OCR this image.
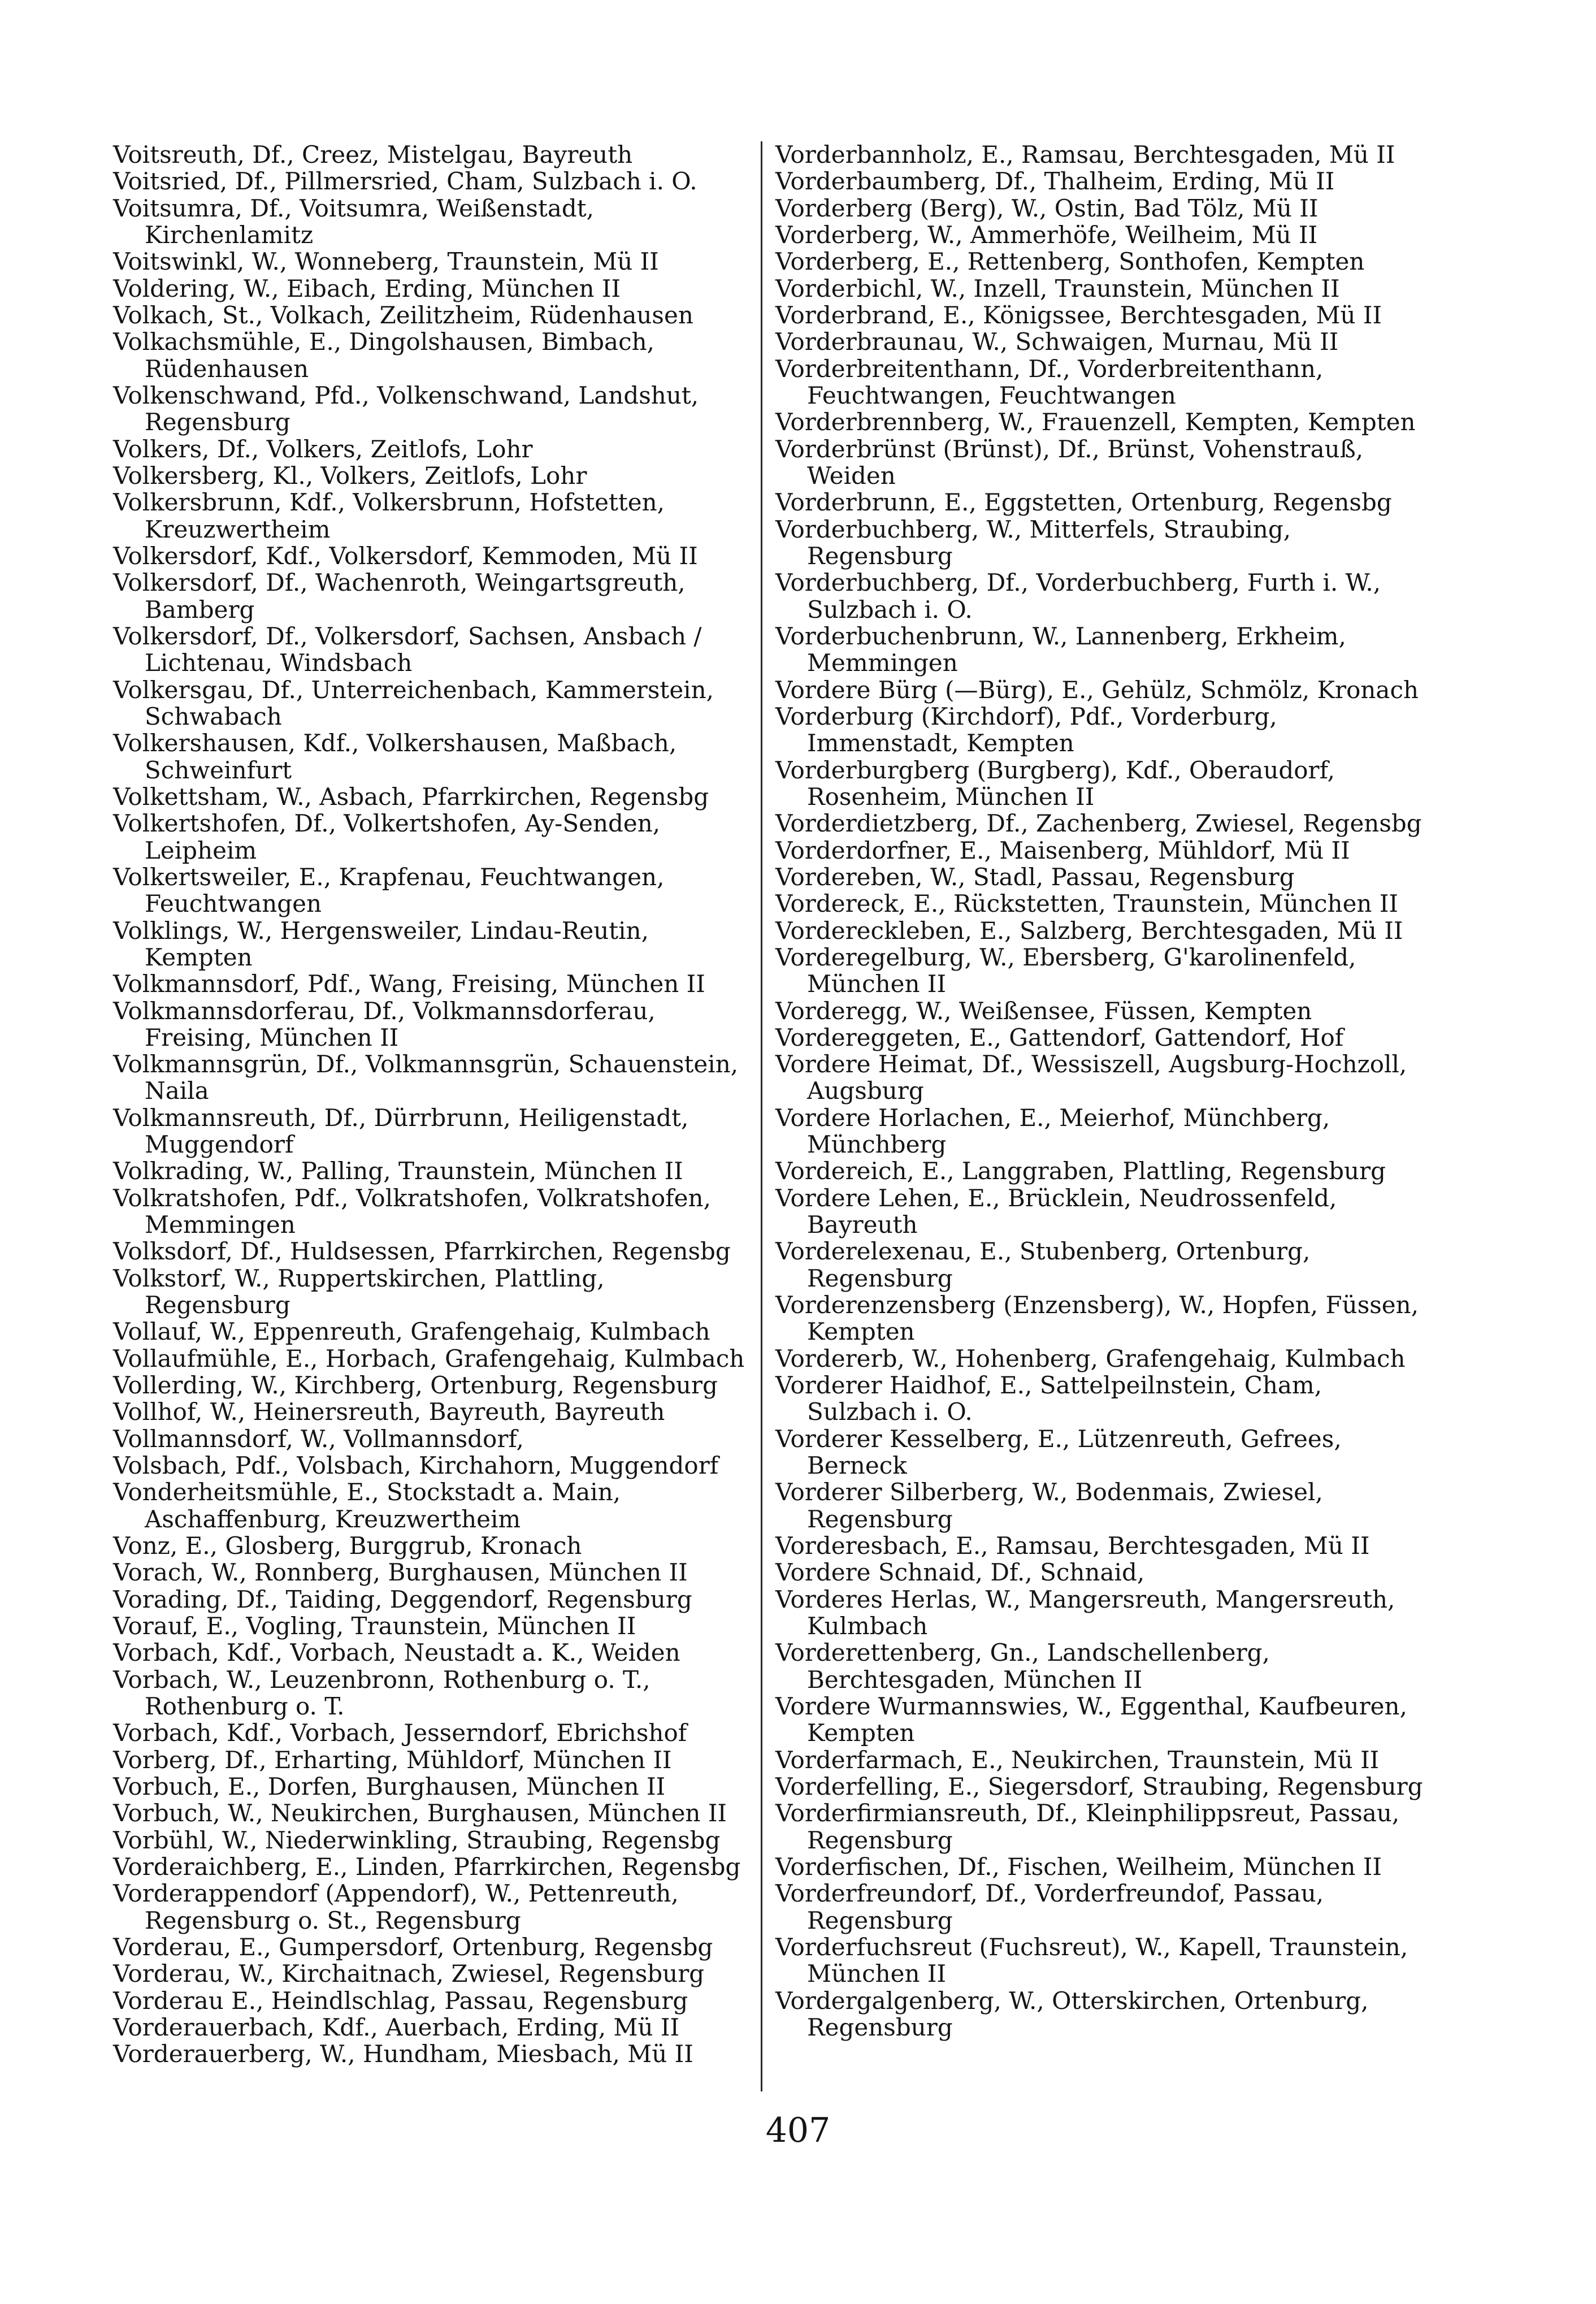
Voitsreuth, Df., Creez, Mistelgau, Bayreuth
Voitsried, Df., Pillmersried, Cham, Sulzbach i. O.
Voitsumra, Df., Voitsumra, Weißenstadt, Kirchenlamitz
Voitswinkl, W., Wonneberg, Traunstein, Mü II
Voldering, W., Eibach, Erding, München II
Volkach, St., Volkach, Zeilitzheim, Rüdenhausen
Volkachsmühle, E., Dingolshausen, Bimbach, Rüdenhausen
Volkenschwand, Pfd., Volkenschwand, Landshut, Regensburg
Volkers, Df., Volkers, Zeitlofs, Lohr
Volkersberg, Kl., Volkers, Zeitlofs, Lohr
Volkersbrunn, Kdf., Volkersbrunn, Hofstetten, Kreuzwertheim
Volkersdorf, Kdf., Volkersdorf, Kemmoden, Mü II
Volkersdorf, Df., Wachenroth, Weingartsgreuth, Bamberg
Volkersdorf, Df., Volkersdorf, Sachsen, Ansbach / Lichtenau, Windsbach
Volkersgau, Df., Unterreichenbach, Kammerstein, Schwabach
Volkershausen, Kdf., Volkershausen, Maßbach, Schweinfurt
Volkettsham, W., Asbach, Pfarrkirchen, Regensbg
Volkertshofen, Df., Volkertshofen, Ay-Senden, Leipheim
Volkertsweiler, E., Krapfenau, Feuchtwangen, Feuchtwangen
Volklings, W., Hergensweiler, Lindau-Reutin, Kempten
Volkmannsdorf, Pdf., Wang, Freising, München II
Volkmannsdorferau, Df., Volkmannsdorferau, Freising, München II
Volkmannsgrün, Df., Volkmannsgrün, Schauenstein, Naila
Volkmannsreuth, Df., Dürrbrunn, Heiligenstadt, Muggendorf
Volkrading, W., Palling, Traunstein, München II
Volkratshofen, Pdf., Volkratshofen, Volkratshofen, Memmingen
Volksdorf, Df., Huldsessen, Pfarrkirchen, Regensbg
Volkstorf, W., Ruppertskirchen, Plattling, Regensburg
Vollauf, W., Eppenreuth, Grafengehaig, Kulmbach
Vollaufmühle, E., Horbach, Grafengehaig, Kulmbach
Vollerding, W., Kirchberg, Ortenburg, Regensburg
Vollhof, W., Heinersreuth, Bayreuth, Bayreuth
Vollmannsdorf, W., Vollmannsdorf,
Volsbach, Pdf., Volsbach, Kirchahorn, Muggendorf
Vonderheitsmühle, E., Stockstadt a. Main, Aschaffenburg, Kreuzwertheim
Vonz, E., Glosberg, Burggrub, Kronach
Vorach, W., Ronnberg, Burghausen, München II
Vorading, Df., Taiding, Deggendorf, Regensburg
Vorauf, E., Vogling, Traunstein, München II
Vorbach, Kdf., Vorbach, Neustadt a. K., Weiden
Vorbach, W., Leuzenbronn, Rothenburg o. T., Rothenburg o. T.
Vorbach, Kdf., Vorbach, Jesserndorf, Ebrichshof
Vorberg, Df., Erharting, Mühldorf, München II
Vorbuch, E., Dorfen, Burghausen, München II
Vorbuch, W., Neukirchen, Burghausen, München II
Vorbühl, W., Niederwinkling, Straubing, Regensbg
Vorderaichberg, E., Linden, Pfarrkirchen, Regensbg
Vorderappendorf (Appendorf), W., Pettenreuth, Regensburg o. St., Regensburg
Vorderau, E., Gumpersdorf, Ortenburg, Regensbg
Vorderau, W., Kirchaitnach, Zwiesel, Regensburg
Vorderau E., Heindlschlag, Passau, Regensburg
Vorderauerbach, Kdf., Auerbach, Erding, Mü II
Vorderauerberg, W., Hundham, Miesbach, Mü II
Vorderbannholz, E., Ramsau, Berchtesgaden, Mü II
Vorderbaumberg, Df., Thalheim, Erding, Mü II
Vorderberg (Berg), W., Ostin, Bad Tölz, Mü II
Vorderberg, W., Ammerhöfe, Weilheim, Mü II
Vorderberg, E., Rettenberg, Sonthofen, Kempten
Vorderbichl, W., Inzell, Traunstein, München II
Vorderbrand, E., Königssee, Berchtesgaden, Mü II
Vorderbraunau, W., Schwaigen, Murnau, Mü II
Vorderbreitenthann, Df., Vorderbreitenthann, Feuchtwangen, Feuchtwangen
Vorderbrennberg, W., Frauenzell, Kempten, Kempten
Vorderbrünst (Brünst), Df., Brünst, Vohenstrauß, Weiden
Vorderbrunn, E., Eggstetten, Ortenburg, Regensbg
Vorderbuchberg, W., Mitterfels, Straubing, Regensburg
Vorderbuchberg, Df., Vorderbuchberg, Furth i. W., Sulzbach i. O.
Vorderbuchenbrunn, W., Lannenberg, Erkheim, Memmingen
Vordere Bürg (—Bürg), E., Gehülz, Schmölz, Kronach
Vorderburg (Kirchdorf), Pdf., Vorderburg, Immenstadt, Kempten
Vorderburgberg (Burgberg), Kdf., Oberaudorf, Rosenheim, München II
Vorderdietzberg, Df., Zachenberg, Zwiesel, Regensbg
Vorderdorfner, E., Maisenberg, Mühldorf, Mü II
Vordereben, W., Stadl, Passau, Regensburg
Vordereck, E., Rückstetten, Traunstein, München II
Vordereckleben, E., Salzberg, Berchtesgaden, Mü II
Vorderegelburg, W., Ebersberg, G'karolinenfeld, München II
Vorderegg, W., Weißensee, Füssen, Kempten
Vordereggeten, E., Gattendorf, Gattendorf, Hof
Vordere Heimat, Df., Wessiszell, Augsburg-Hochzoll, Augsburg
Vordere Horlachen, E., Meierhof, Münchberg, Münchberg
Vordereich, E., Langgraben, Plattling, Regensburg
Vordere Lehen, E., Brücklein, Neudrossenfeld, Bayreuth
Vorderelexenau, E., Stubenberg, Ortenburg, Regensburg
Vorderenzensberg (Enzensberg), W., Hopfen, Füssen, Kempten
Vordererb, W., Hohenberg, Grafengehaig, Kulmbach
Vorderer Haidhof, E., Sattelpeilnstein, Cham, Sulzbach i. O.
Vorderer Kesselberg, E., Lützenreuth, Gefrees, Berneck
Vorderer Silberberg, W., Bodenmais, Zwiesel, Regensburg
Vorderesbach, E., Ramsau, Berchtesgaden, Mü II
Vordere Schnaid, Df., Schnaid,
Vorderes Herlas, W., Mangersreuth, Mangersreuth, Kulmbach
Vorderettenberg, Gn., Landschellenberg, Berchtesgaden, München II
Vordere Wurmannswies, W., Eggenthal, Kaufbeuren, Kempten
Vorderfarmach, E., Neukirchen, Traunstein, Mü II
Vorderfelling, E., Siegersdorf, Straubing, Regensburg
Vorderfirmiansreuth, Df., Kleinphilippsreut, Passau, Regensburg
Vorderfischen, Df., Fischen, Weilheim, München II
Vorderfreundorf, Df., Vorderfreundof, Passau, Regensburg
Vorderfuchsreut (Fuchsreut), W., Kapell, Traunstein, München II
Vordergalgenberg, W., Otterskirchen, Ortenburg, Regensburg
407
